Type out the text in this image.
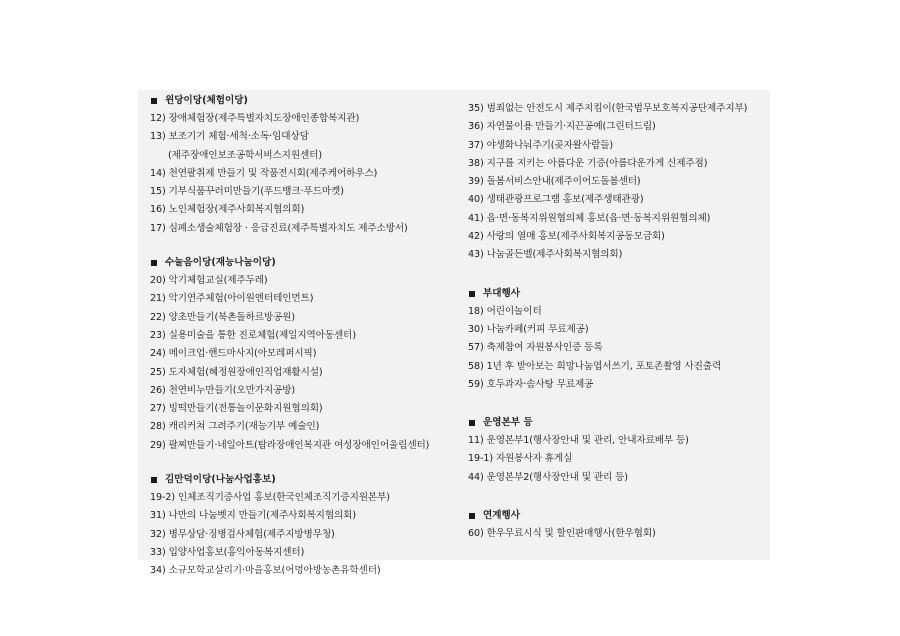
윈당이당(체험이당)
12) 장애체험장(제주특별자치도장애인종합복지관)
13) 보조기기 체험·세척·소독·임대상담
(제주장애인보조공학서비스지원센터)
14) 천연팔취제 만들기 및 작품전시회(제주케어하우스)
15) 기부식품꾸러미만들기(푸드뱅크·푸드마켓)
16) 노인체험장(제주사회복지협의회)
17) 심폐소생술체험장 · 응급진료(제주특별자치도 제주소방서)
수눌음이당(재능나눔이당)
20) 악기체험교실(제주두레)
21) 악기연주체험(아이원엔터테인먼트)
22) 양초만들기(북촌돌하르방공원)
23) 실용미술을 통한 진로체험(제일지역아동센터)
24) 메이크업·핸드마사지(아모레퍼시픽)
25) 도자체험(혜정원장애인직업재활시설)
26) 천연비누만들기(오만가지공방)
27) 빙떡만들기(전통놀이문화지원협의회)
28) 캐리커쳐 그려주기(재능기부 예술인)
29) 팔찌만들기·네일아트(탐라장애인복지관 여성장애인어울림센터)
김만덕이당(나눔사업홍보)
19-2) 인체조직기증사업 홍보(한국인체조직기증지원본부)
31) 나만의 나눔벳지 만들기(제주사회복지협의회)
32) 병무상담·징병검사체험(제주지방병무청)
33) 입양사업홍보(홍익아동복지센터)
34) 소규모학교살리기·마을홍보(어멍아방농촌유학센터)
35) 범죄없는 안전도시 제주지킴이(한국법무보호복지공단제주지부)
36) 자연물이용 만들기·지끈공예(그린터드림)
37) 야생화나눠주기(곶자왈사람들)
38) 지구를 지키는 아름다운 기증(아름다운가게 신제주점)
39) 돌봄서비스안내(제주이어도돌봄센터)
40) 생태관광프로그램 홍보(제주생태관광)
41) 읍·면·동복지위원협의체 홍보(읍·면·동복지위원협의체)
42) 사랑의 열매 홍보(제주사회복지공동모금회)
43) 나눔골든벨(제주사회복지협의회)
부대행사
18) 어린이놀이터
30) 나눔카페(커피 무료제공)
57) 축제참여 자원봉사인증 등록
58) 1년 후 받아보는 희망나눔엽서쓰기, 포토존촬영 사진출력
59) 호두과자·솜사탕 무료제공
운영본부 등
11) 운영본부1(행사장안내 및 관리, 안내자료배부 등)
19-1) 자원봉사자 휴게실
44) 운영본부2(행사장안내 및 관리 등)
연계행사
60) 한우무료시식 및 할인판매행사(한우협회)
